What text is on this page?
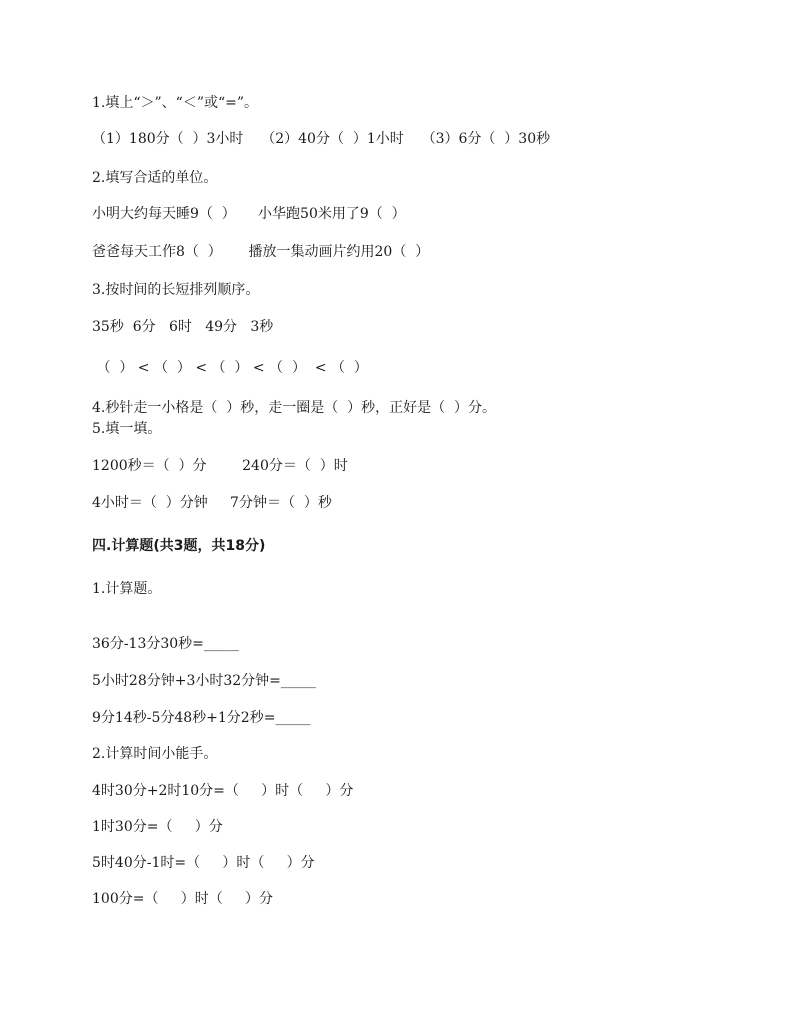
1.填上“＞”、“＜”或“=”。
（1）180分（  ）3小时    （2）40分（  ）1小时    （3）6分（  ）30秒
2.填写合适的单位。
小明大约每天睡9（  ）     小华跑50米用了9（  ）
爸爸每天工作8（  ）      播放一集动画片约用20（  ）
3.按时间的长短排列顺序。
35秒  6分   6时   49分   3秒
（  ） < （  ） < （  ） < （  ）  < （  ）
4.秒针走一小格是（  ）秒，走一圈是（  ）秒，正好是（  ）分。
5.填一填。
1200秒＝（  ）分        240分＝（  ）时
4小时＝（  ）分钟     7分钟＝（  ）秒
四.计算题(共3题，共18分)
1.计算题。
36分-13分30秒=_____
5小时28分钟+3小时32分钟=_____
9分14秒-5分48秒+1分2秒=_____
2.计算时间小能手。
4时30分+2时10分=（     ）时（     ）分
1时30分=（     ）分
5时40分-1时=（     ）时（     ）分
100分=（     ）时（     ）分
